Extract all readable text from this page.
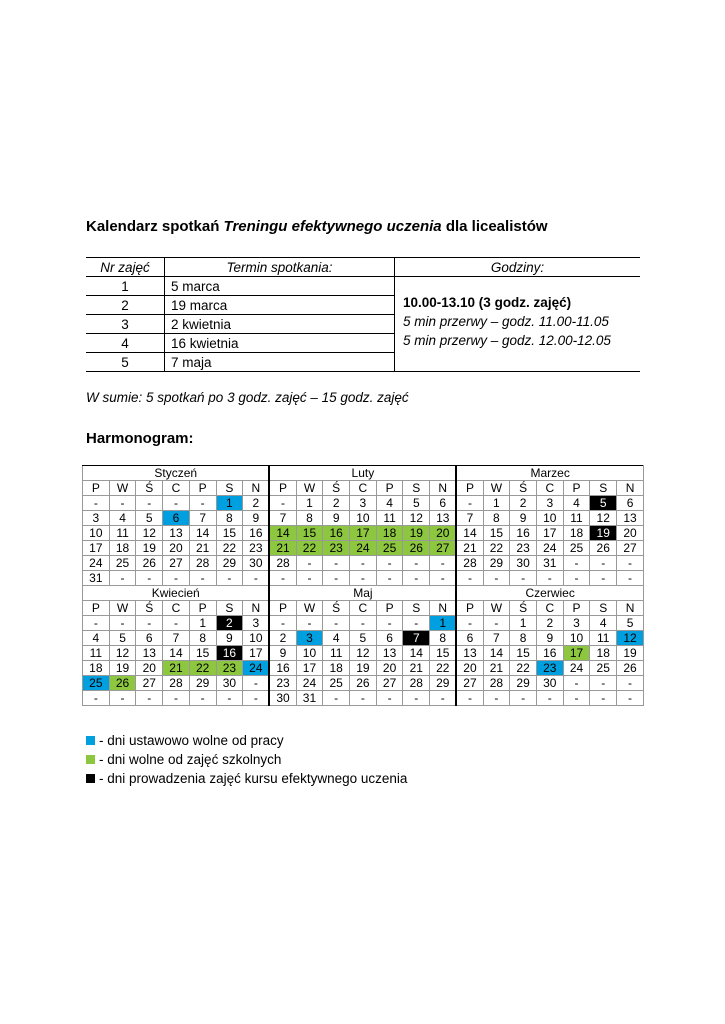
Kalendarz spotkań Treningu efektywnego uczenia dla licealistów
Nr zajęć	Termin spotkania:	Godziny:
1	5 marca	10.00-13.10 (3 godz. zajęć)
5 min przerwy – godz. 11.00-11.05
5 min przerwy – godz. 12.00-12.05

2	19 marca	
3	2 kwietnia	
4	16 kwietnia	
5	7 maja	
W sumie: 5 spotkań po 3 godz. zajęć – 15 godz. zajęć
Harmonogram:
Styczeń							Luty							Marzec						
P	W	Ś	C	P	S	N	P	W	Ś	C	P	S	N	P	W	Ś	C	P	S	N
-	-	-	-	-	1	2	-	1	2	3	4	5	6	-	1	2	3	4	5	6
3	4	5	6	7	8	9	7	8	9	10	11	12	13	7	8	9	10	11	12	13
10	11	12	13	14	15	16	14	15	16	17	18	19	20	14	15	16	17	18	19	20
17	18	19	20	21	22	23	21	22	23	24	25	26	27	21	22	23	24	25	26	27
24	25	26	27	28	29	30	28	-	-	-	-	-	-	28	29	30	31	-	-	-
31	-	-	-	-	-	-	-	-	-	-	-	-	-	-	-	-	-	-	-	-
Kwiecień							Maj							Czerwiec						
P	W	Ś	C	P	S	N	P	W	Ś	C	P	S	N	P	W	Ś	C	P	S	N
-	-	-	-	1	2	3	-	-	-	-	-	-	1	-	-	1	2	3	4	5
4	5	6	7	8	9	10	2	3	4	5	6	7	8	6	7	8	9	10	11	12
11	12	13	14	15	16	17	9	10	11	12	13	14	15	13	14	15	16	17	18	19
18	19	20	21	22	23	24	16	17	18	19	20	21	22	20	21	22	23	24	25	26
25	26	27	28	29	30	-	23	24	25	26	27	28	29	27	28	29	30	-	-	-
-	-	-	-	-	-	-	30	31	-	-	-	-	-	-	-	-	-	-	-	-
- dni ustawowo wolne od pracy
- dni wolne od zajęć szkolnych
- dni prowadzenia zajęć kursu efektywnego uczenia
